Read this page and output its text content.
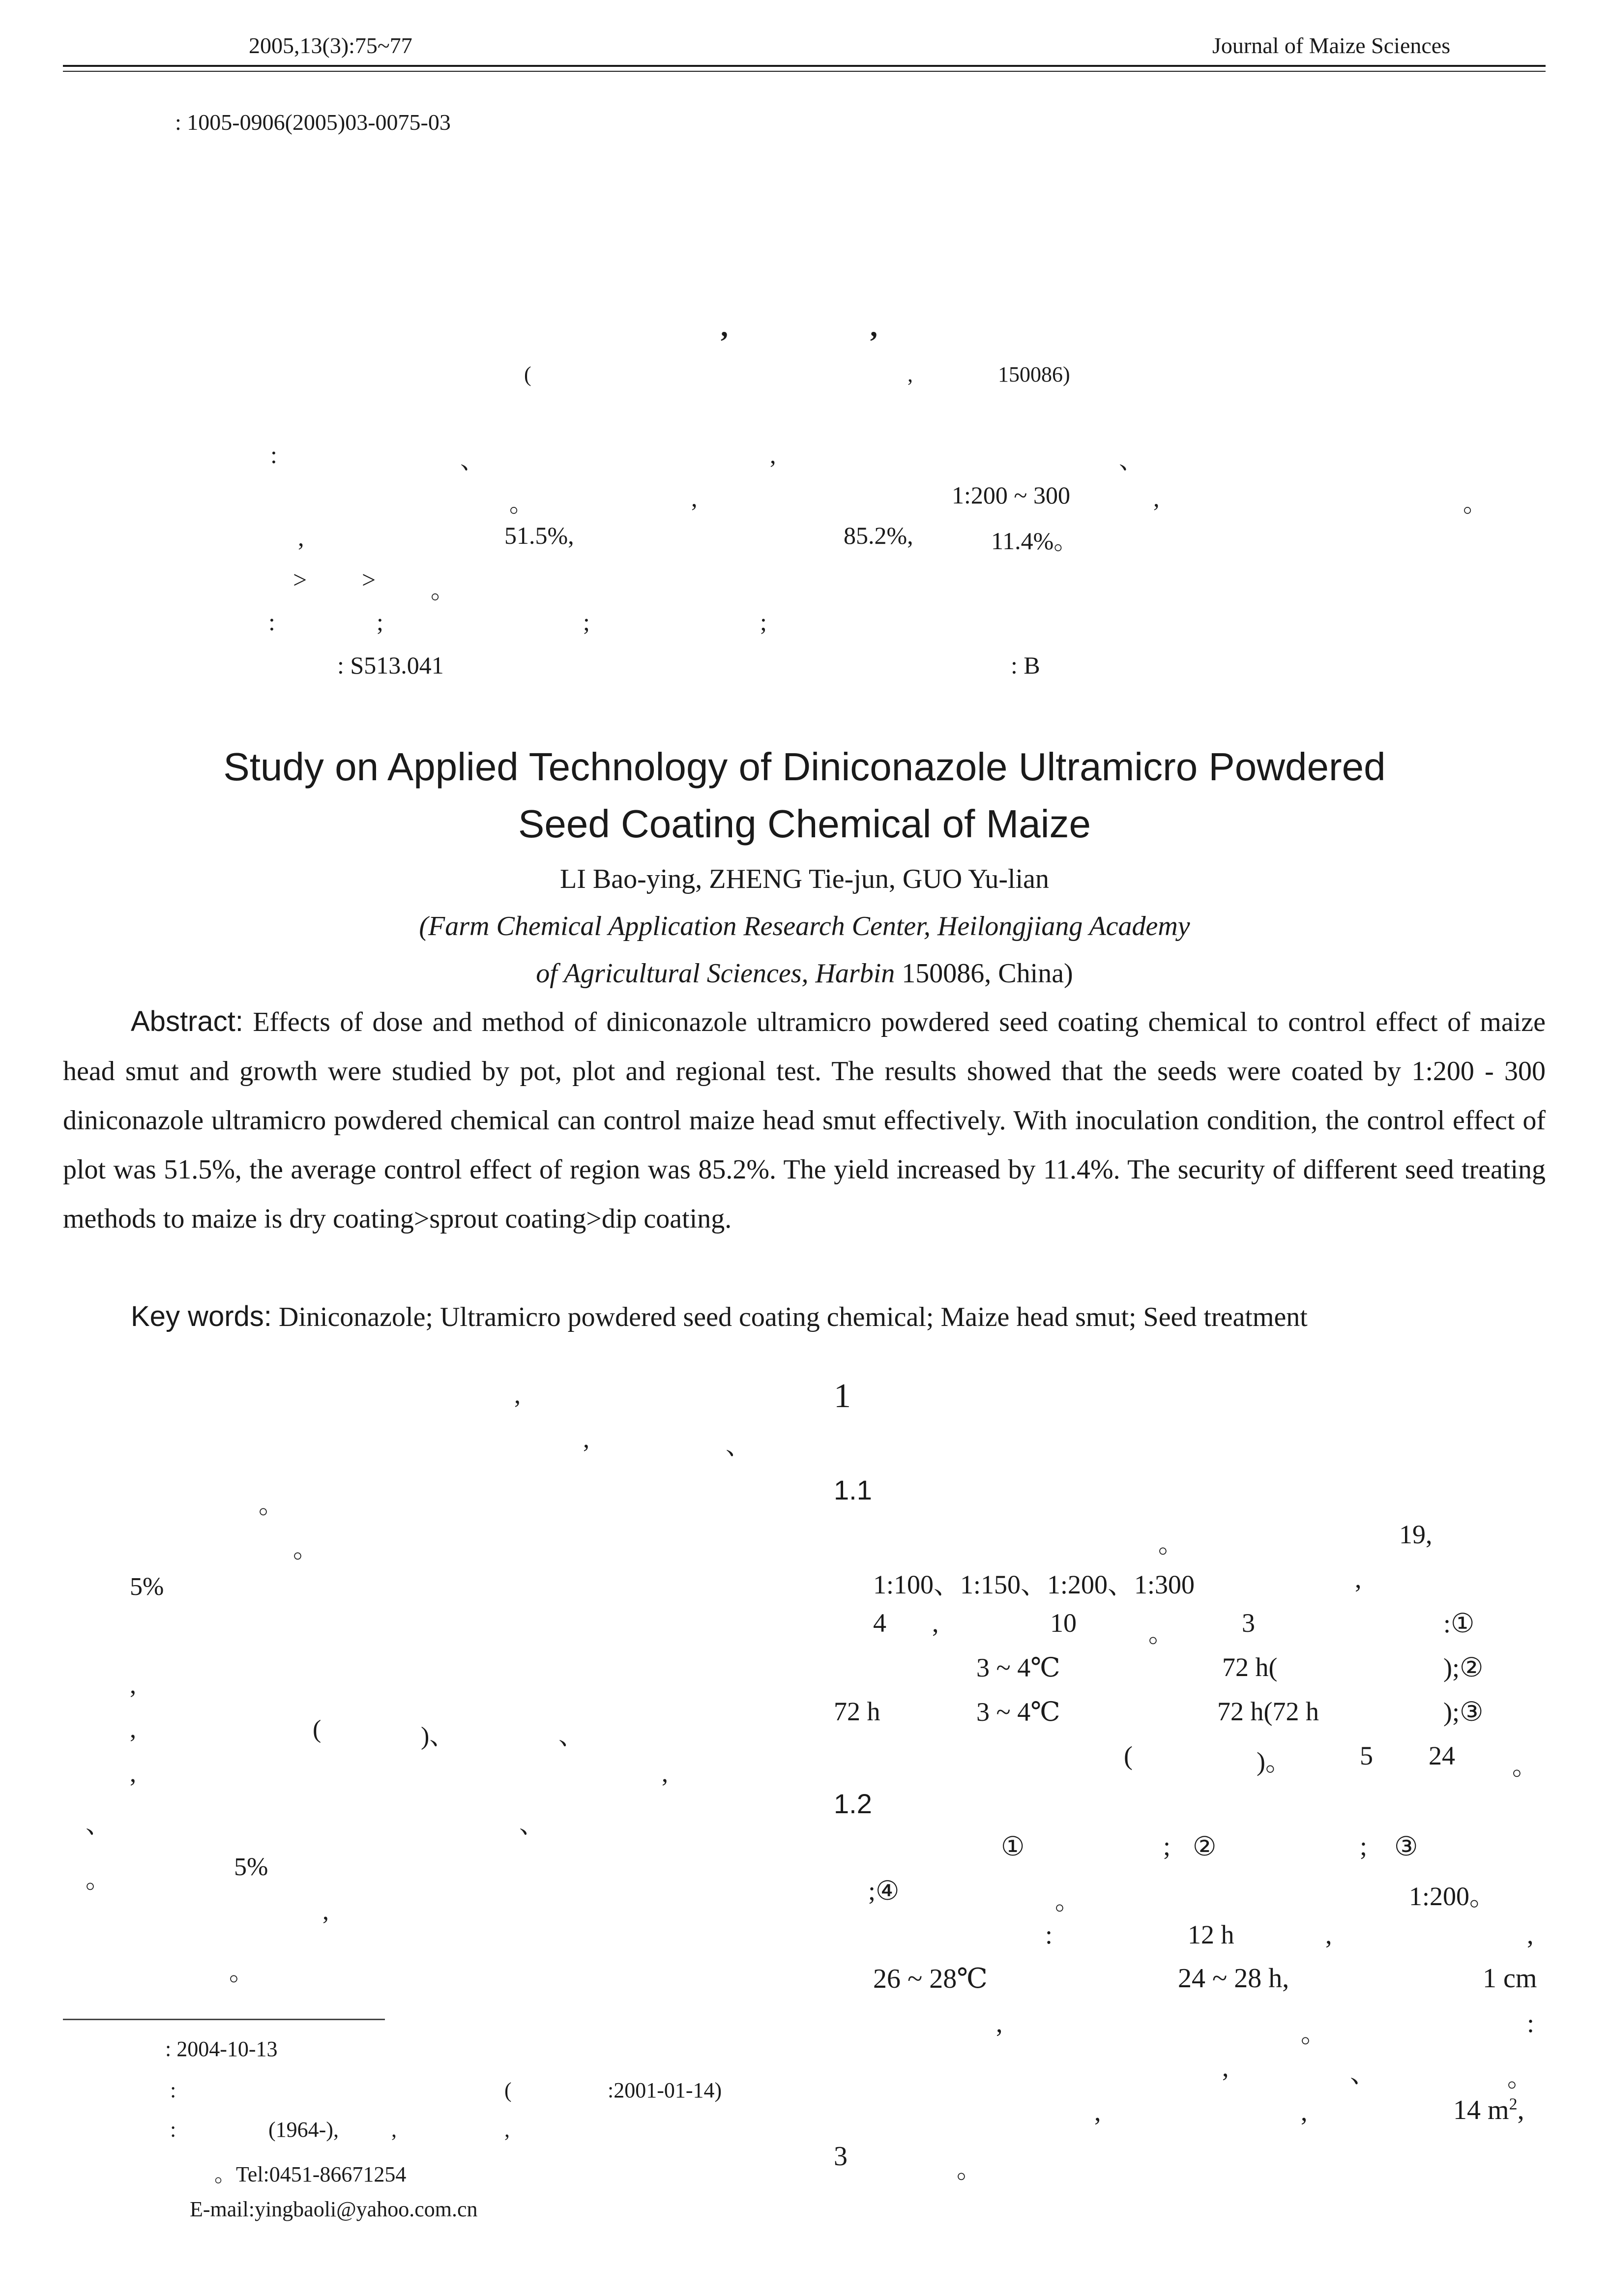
2005,13(3):75~77	Journal of Maize Sciences
: 1005-0906(2005)03-0075-03
,	,
(	,	150086)
:	、	,	、
。	,	1:200 ~ 300	,	。
,	51.5%,	85.2%,	11.4%。
> > 。
:	;	;	;
: S513.041	: B
Study on Applied Technology of Diniconazole Ultramicro Powdered
Seed Coating Chemical of Maize
LI Bao-ying, ZHENG Tie-jun, GUO Yu-lian
(Farm Chemical Application Research Center, Heilongjiang Academy
of Agricultural Sciences, Harbin 150086, China)
Abstract: Effects of dose and method of diniconazole ultramicro powdered seed coating chemical to control effect of maize head smut and growth were studied by pot, plot and regional test. The results showed that the seeds were coated by 1:200 - 300 diniconazole ultramicro powdered chemical can control maize head smut effectively. With inoculation condition, the control effect of plot was 51.5%, the average control effect of region was 85.2%. The yield increased by 11.4%. The security of different seed treating methods to maize is dry coating>sprout coating>dip coating.
Key words: Diniconazole; Ultramicro powdered seed coating chemical; Maize head smut; Seed treatment
,
,	、
。
。
5%
,
,	(	)、	、
,	,
、	、
。	5%
,
。
: 2004-10-13
:	(	:2001-01-14)
:	(1964-), ,	,
。Tel:0451-86671254
E-mail:yingbaoli@yahoo.com.cn
1
1.1
。	19,
1:100、1:150、1:200、1:300	,
4 ,	10	。	3	:①
3 ~ 4℃	72 h(	);②
72 h	3 ~ 4℃	72 h(72 h	);③
(	)。	5 24 。
1.2
①	; ②	; ③
;④	。	1:200。
:	12 h	,	,
26 ~ 28℃	24 ~ 28 h,	1 cm
,	。	:
,	、	。
,	,	14 $m^2$,
3	。
